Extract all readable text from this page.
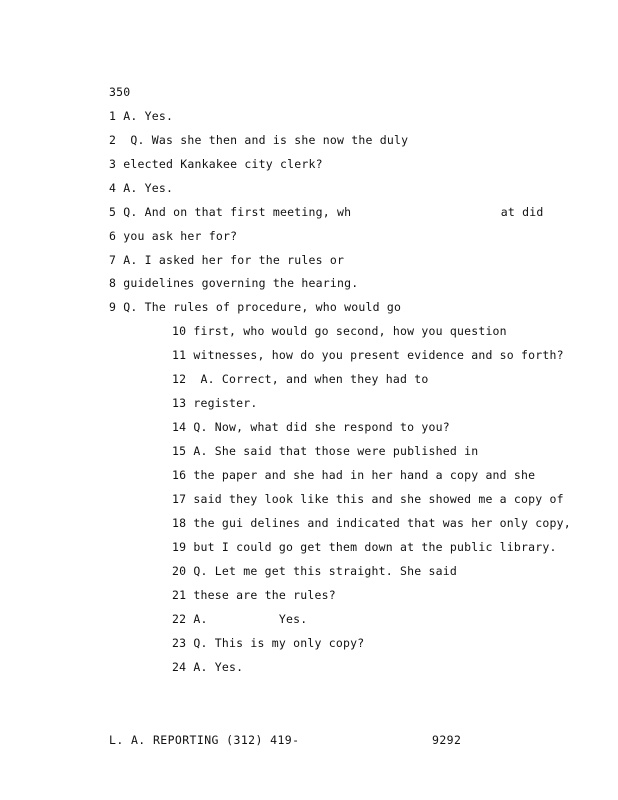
350
1 A. Yes.
2  Q. Was she then and is she now the duly
3 elected Kankakee city clerk?
4 A. Yes.
5 Q. And on that first meeting, wh                     at did
6 you ask her for?
7 A. I asked her for the rules or
8 guidelines governing the hearing.
9 Q. The rules of procedure, who would go
10 first, who would go second, how you question
11 witnesses, how do you present evidence and so forth?
12  A. Correct, and when they had to
13 register.
14 Q. Now, what did she respond to you?
15 A. She said that those were published in
16 the paper and she had in her hand a copy and she
17 said they look like this and she showed me a copy of
18 the gui delines and indicated that was her only copy,
19 but I could go get them down at the public library.
20 Q. Let me get this straight. She said
21 these are the rules?
22 A.          Yes.
23 Q. This is my only copy?
24 A. Yes.
L. A. REPORTING (312) 419-	9292
